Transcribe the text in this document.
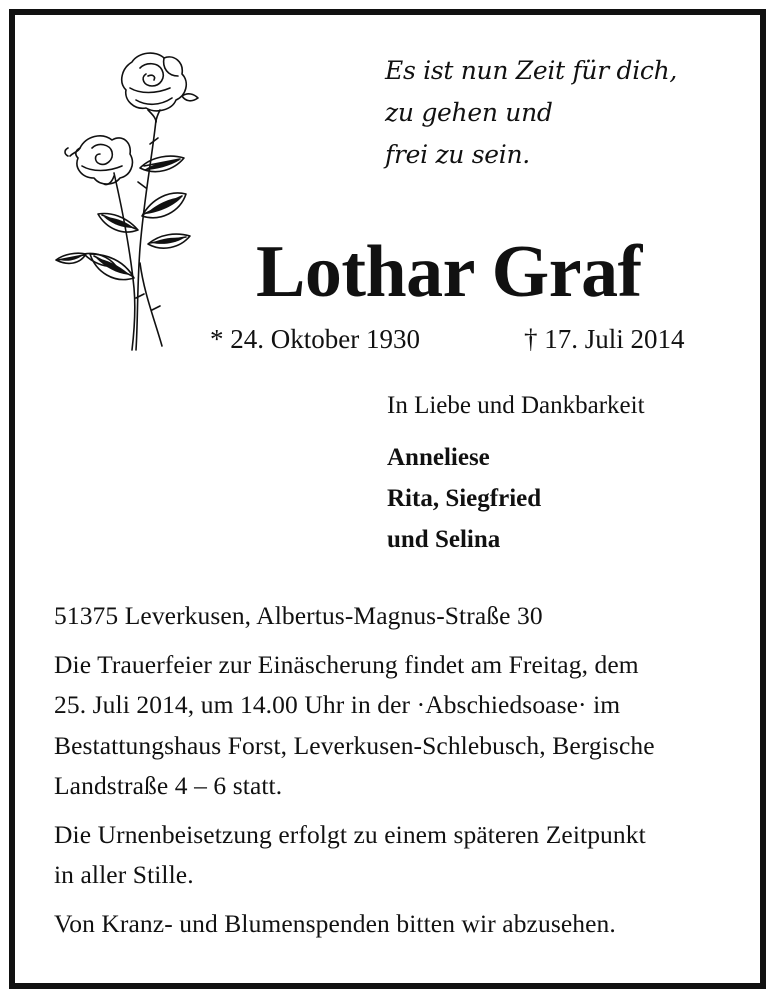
Es ist nun Zeit für dich,
zu gehen und
frei zu sein.
Lothar Graf
* 24. Oktober 1930	† 17. Juli 2014
In Liebe und Dankbarkeit
Anneliese
Rita, Siegfried
und Selina

51375 Leverkusen, Albertus-Magnus-Straße 30

Die Trauerfeier zur Einäscherung findet am Freitag, dem
25. Juli 2014, um 14.00 Uhr in der ·Abschiedsoase· im
Bestattungshaus Forst, Leverkusen-Schlebusch, Bergische
Landstraße 4 – 6 statt.

Die Urnenbeisetzung erfolgt zu einem späteren Zeitpunkt
in aller Stille.

Von Kranz- und Blumenspenden bitten wir abzusehen.
